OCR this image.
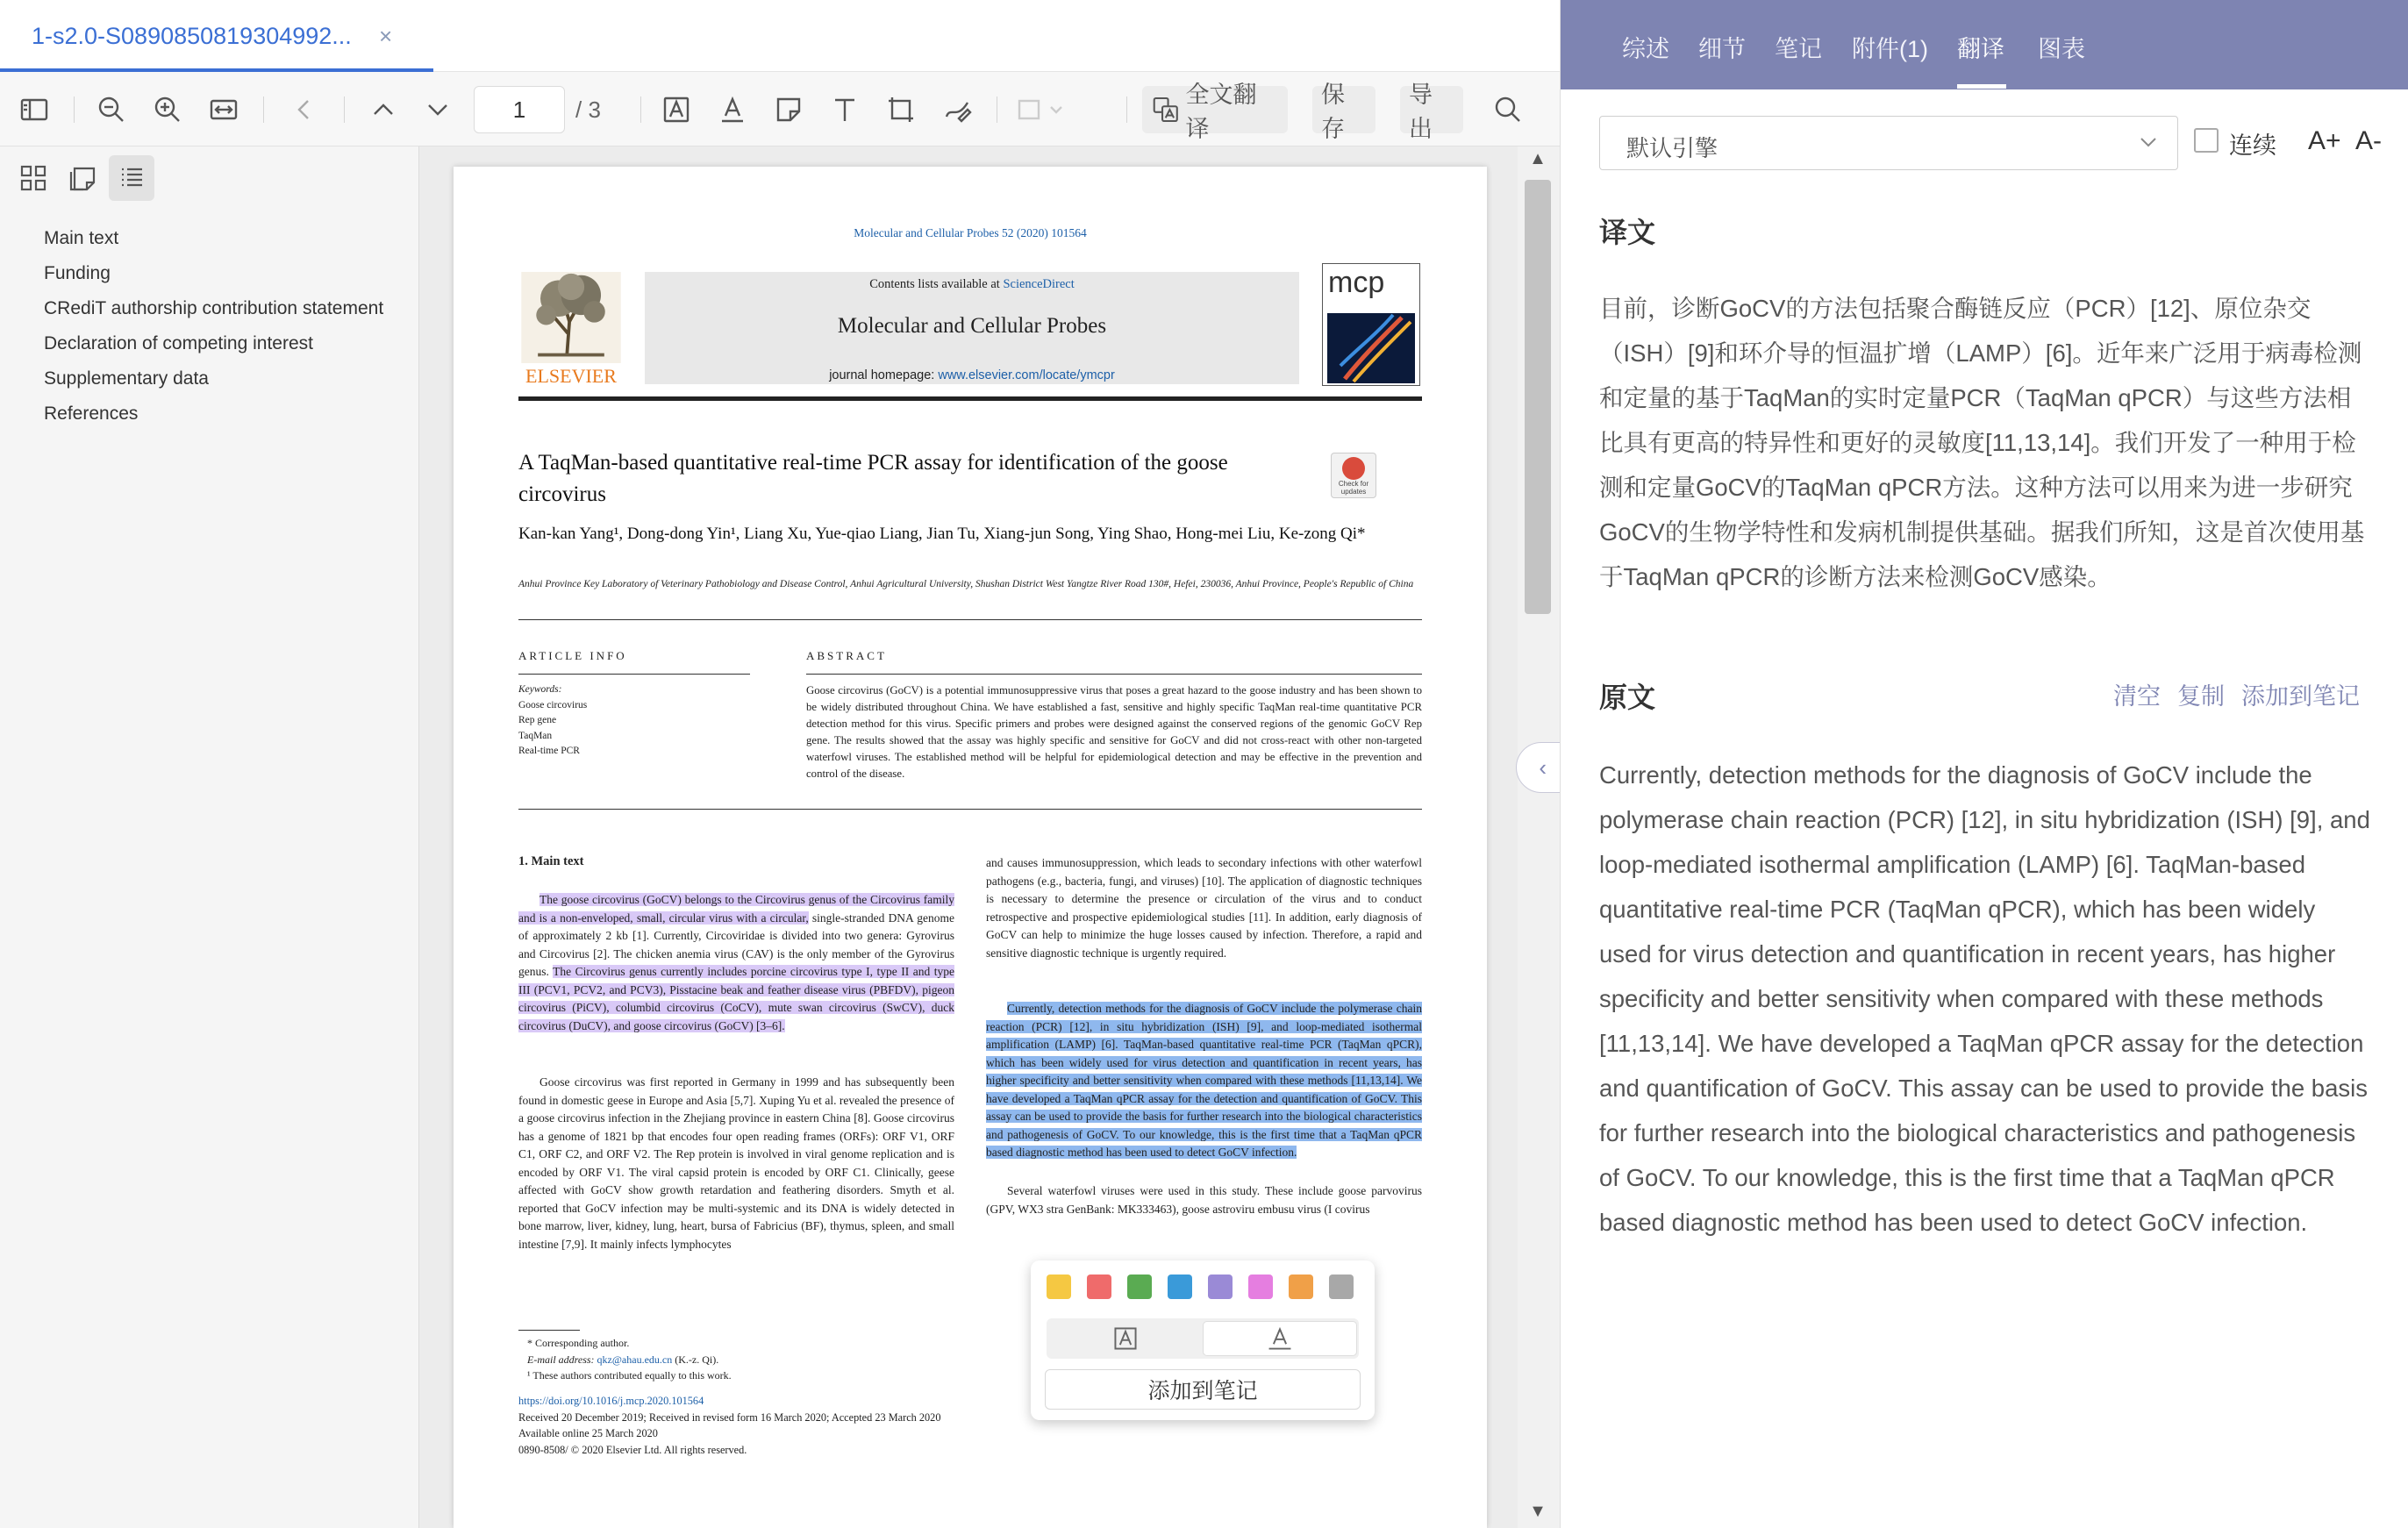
1-s2.0-S0890850819304992... ×
1	/ 3
全文翻译
保存
导出
Main text
Funding
CRediT authorship contribution statement
Declaration of competing interest
Supplementary data
References
▲
▼
Molecular and Cellular Probes 52 (2020) 101564
ELSEVIER
Contents lists available at ScienceDirect
Molecular and Cellular Probes
journal homepage: www.elsevier.com/locate/ymcpr
mcp
A TaqMan-based quantitative real-time PCR assay for identification of the goose circovirus	Check for updates
Kan-kan Yang¹, Dong-dong Yin¹, Liang Xu, Yue-qiao Liang, Jian Tu, Xiang-jun Song, Ying Shao, Hong-mei Liu, Ke-zong Qi*
Anhui Province Key Laboratory of Veterinary Pathobiology and Disease Control, Anhui Agricultural University, Shushan District West Yangtze River Road 130#, Hefei, 230036, Anhui Province, People's Republic of China
ARTICLE INFO
Keywords:
Goose circovirus
Rep gene
TaqMan
Real-time PCR
ABSTRACT
Goose circovirus (GoCV) is a potential immunosuppressive virus that poses a great hazard to the goose industry and has been shown to be widely distributed throughout China. We have established a fast, sensitive and highly specific TaqMan real-time quantitative PCR detection method for this virus. Specific primers and probes were designed against the conserved regions of the genomic GoCV Rep gene. The results showed that the assay was highly specific and sensitive for GoCV and did not cross-react with other non-targeted waterfowl viruses. The established method will be helpful for epidemiological detection and may be effective in the prevention and control of the disease.
1. Main text
The goose circovirus (GoCV) belongs to the Circovirus genus of the Circovirus family and is a non-enveloped, small, circular virus with a circular, single-stranded DNA genome of approximately 2 kb [1]. Currently, Circoviridae is divided into two genera: Gyrovirus and Circovirus [2]. The chicken anemia virus (CAV) is the only member of the Gyrovirus genus. The Circovirus genus currently includes porcine circovirus type I, type II and type III (PCV1, PCV2, and PCV3), Pisstacine beak and feather disease virus (PBFDV), pigeon circovirus (PiCV), columbid circovirus (CoCV), mute swan circovirus (SwCV), duck circovirus (DuCV), and goose circovirus (GoCV) [3–6].
Goose circovirus was first reported in Germany in 1999 and has subsequently been found in domestic geese in Europe and Asia [5,7]. Xuping Yu et al. revealed the presence of a goose circovirus infection in the Zhejiang province in eastern China [8]. Goose circovirus has a genome of 1821 bp that encodes four open reading frames (ORFs): ORF V1, ORF C1, ORF C2, and ORF V2. The Rep protein is involved in viral genome replication and is encoded by ORF V1. The viral capsid protein is encoded by ORF C1. Clinically, geese affected with GoCV show growth retardation and feathering disorders. Smyth et al. reported that GoCV infection may be multi-systemic and its DNA is widely detected in bone marrow, liver, kidney, lung, heart, bursa of Fabricius (BF), thymus, spleen, and small intestine [7,9]. It mainly infects lymphocytes
and causes immunosuppression, which leads to secondary infections with other waterfowl pathogens (e.g., bacteria, fungi, and viruses) [10]. The application of diagnostic techniques is necessary to determine the presence or circulation of the virus and to conduct retrospective and prospective epidemiological studies [11]. In addition, early diagnosis of GoCV can help to minimize the huge losses caused by infection. Therefore, a rapid and sensitive diagnostic technique is urgently required.
Currently, detection methods for the diagnosis of GoCV include the polymerase chain reaction (PCR) [12], in situ hybridization (ISH) [9], and loop-mediated isothermal amplification (LAMP) [6]. TaqMan-based quantitative real-time PCR (TaqMan qPCR), which has been widely used for virus detection and quantification in recent years, has higher specificity and better sensitivity when compared with these methods [11,13,14]. We have developed a TaqMan qPCR assay for the detection and quantification of GoCV. This assay can be used to provide the basis for further research into the biological characteristics and pathogenesis of GoCV. To our knowledge, this is the first time that a TaqMan qPCR based diagnostic method has been used to detect GoCV infection.
Several waterfowl viruses were used in this study. These include goose parvovirus (GPV, WX3 stra GenBank: MK333463), goose astroviru embusu virus (I covirus
* Corresponding author.
E-mail address: qkz@ahau.edu.cn (K.-z. Qi).
¹ These authors contributed equally to this work.
https://doi.org/10.1016/j.mcp.2020.101564
Received 20 December 2019; Received in revised form 16 March 2020; Accepted 23 March 2020
Available online 25 March 2020
0890-8508/ © 2020 Elsevier Ltd. All rights reserved.
添加到笔记
‹
综述 细节 笔记 附件(1) 翻译 图表
默认引擎	连续 A+ A-
译文
目前，诊断GoCV的方法包括聚合酶链反应（PCR）[12]、原位杂交（ISH）[9]和环介导的恒温扩增（LAMP）[6]。近年来广泛用于病毒检测和定量的基于TaqMan的实时定量PCR（TaqMan qPCR）与这些方法相比具有更高的特异性和更好的灵敏度[11,13,14]。我们开发了一种用于检测和定量GoCV的TaqMan qPCR方法。这种方法可以用来为进一步研究GoCV的生物学特性和发病机制提供基础。据我们所知，这是首次使用基于TaqMan qPCR的诊断方法来检测GoCV感染。
原文	清空 复制 添加到笔记
Currently, detection methods for the diagnosis of GoCV include the polymerase chain reaction (PCR) [12], in situ hybridization (ISH) [9], and loop-mediated isothermal amplification (LAMP) [6]. TaqMan-based quantitative real-time PCR (TaqMan qPCR), which has been widely used for virus detection and quantification in recent years, has higher specificity and better sensitivity when compared with these methods [11,13,14]. We have developed a TaqMan qPCR assay for the detection and quantification of GoCV. This assay can be used to provide the basis for further research into the biological characteristics and pathogenesis of GoCV. To our knowledge, this is the first time that a TaqMan qPCR based diagnostic method has been used to detect GoCV infection.
